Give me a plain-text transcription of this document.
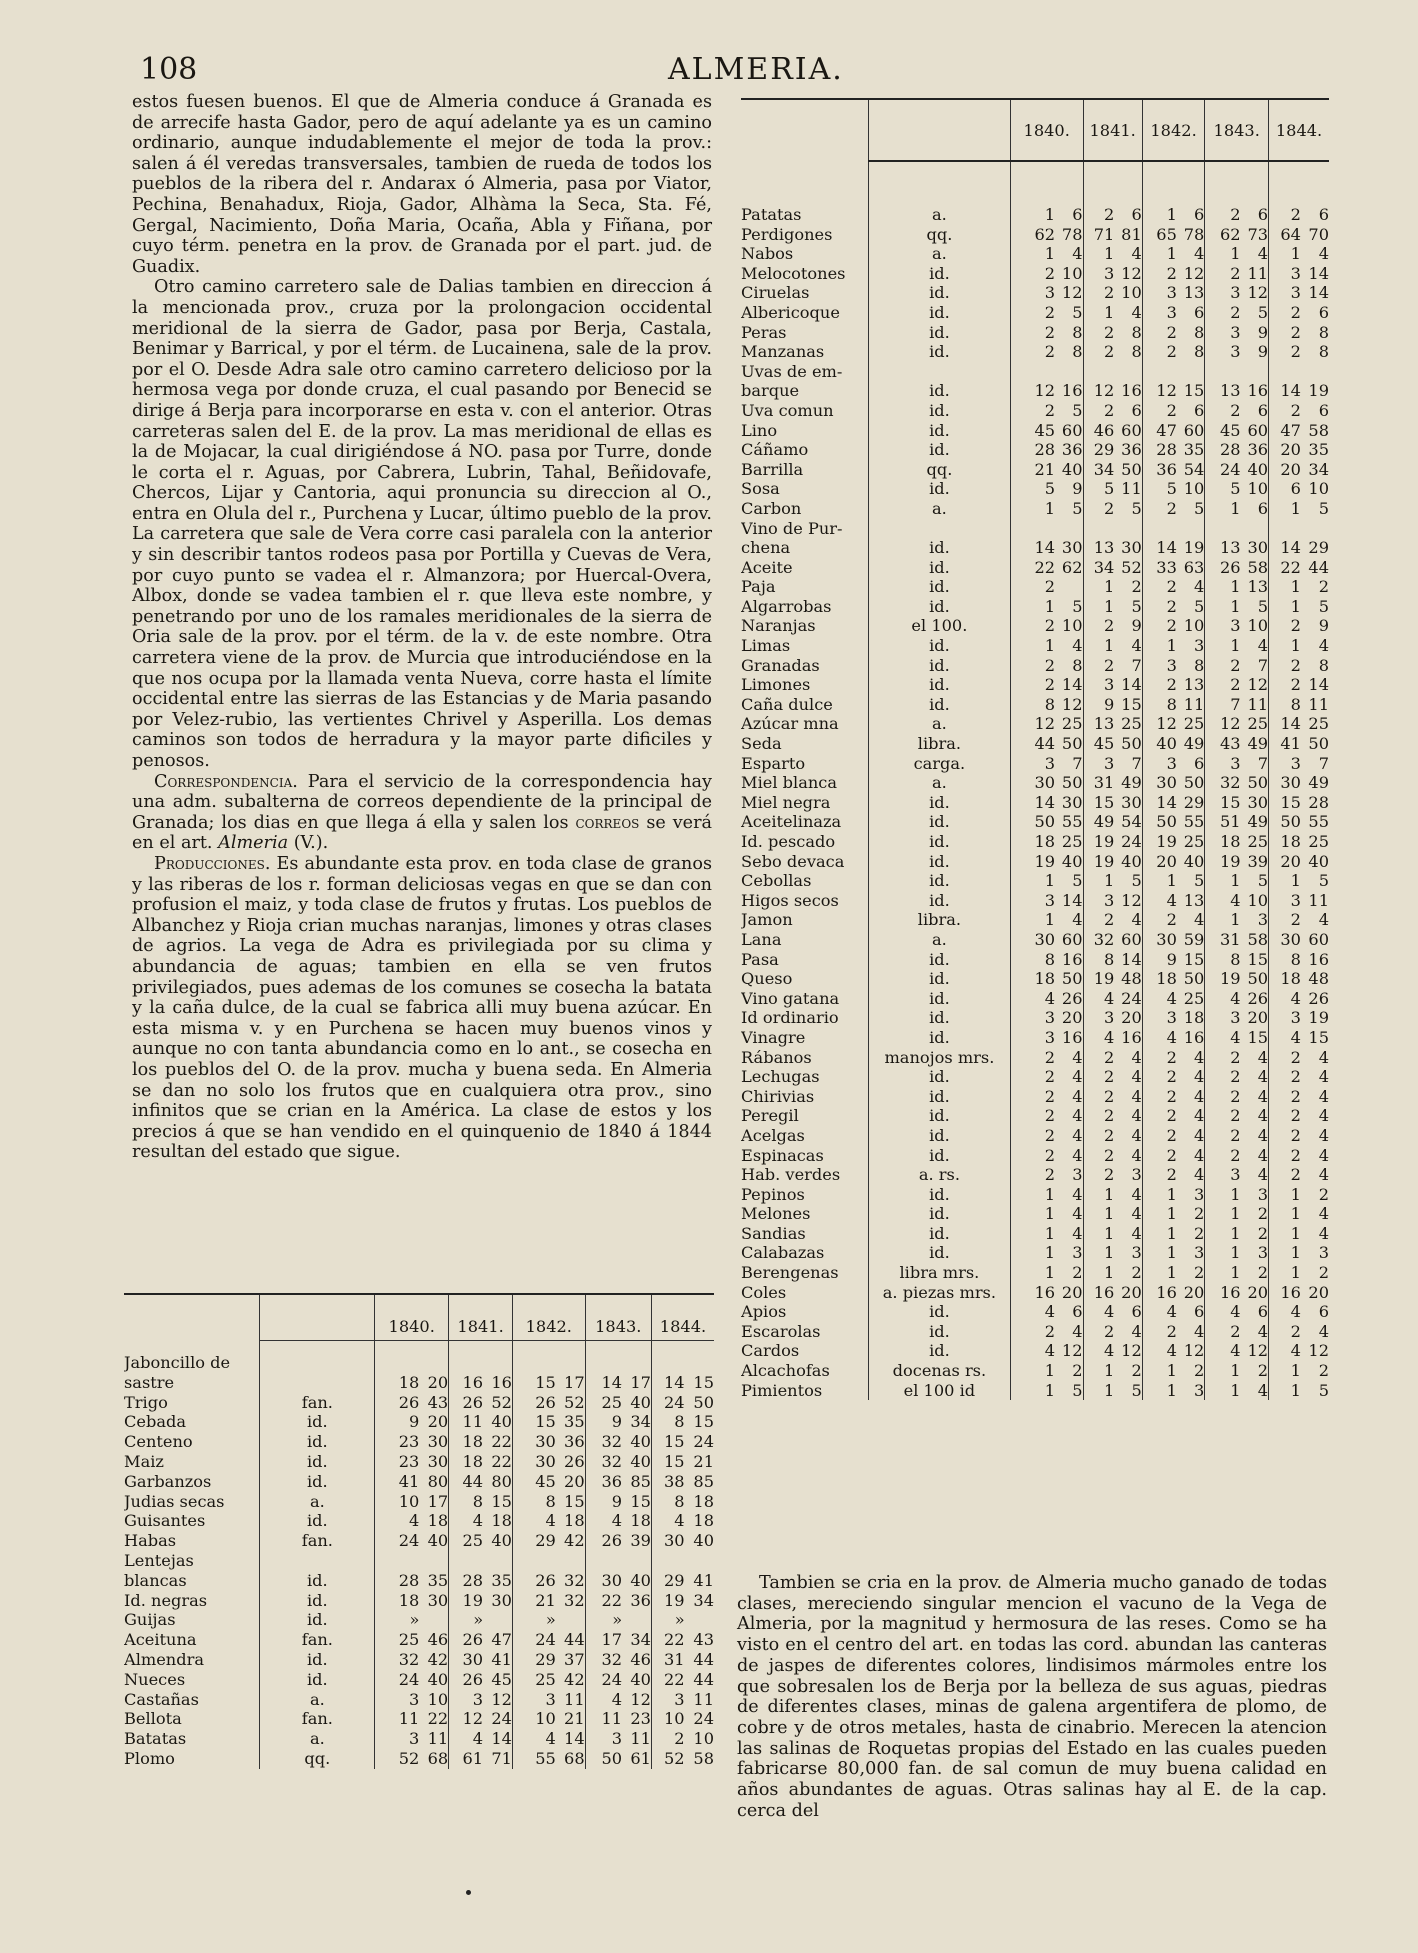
108	ALMERIA.

estos fuesen buenos. El que de Almeria conduce á Granada es de arrecife hasta Gador, pero de aquí adelante ya es un camino ordinario, aunque indudablemente el mejor de toda la prov.: salen á él veredas transversales, tambien de rueda de todos los pueblos de la ribera del r. Andarax ó Almeria, pasa por Viator, Pechina, Benahadux, Rioja, Gador, Alhàma la Seca, Sta. Fé, Gergal, Nacimiento, Doña Maria, Ocaña, Abla y Fiñana, por cuyo térm. penetra en la prov. de Granada por el part. jud. de Guadix.

Otro camino carretero sale de Dalias tambien en direccion á la mencionada prov., cruza por la prolongacion occidental meridional de la sierra de Gador, pasa por Berja, Castala, Benimar y Barrical, y por el térm. de Lucainena, sale de la prov. por el O. Desde Adra sale otro camino carretero delicioso por la hermosa vega por donde cruza, el cual pasando por Benecid se dirige á Berja para incorporarse en esta v. con el anterior. Otras carreteras salen del E. de la prov. La mas meridional de ellas es la de Mojacar, la cual dirigiéndose á NO. pasa por Turre, donde le corta el r. Aguas, por Cabrera, Lubrin, Tahal, Beñidovafe, Chercos, Lijar y Cantoria, aqui pronuncia su direccion al O., entra en Olula del r., Purchena y Lucar, último pueblo de la prov. La carretera que sale de Vera corre casi paralela con la anterior y sin describir tantos rodeos pasa por Portilla y Cuevas de Vera, por cuyo punto se vadea el r. Almanzora; por Huercal-Overa, Albox, donde se vadea tambien el r. que lleva este nombre, y penetrando por uno de los ramales meridionales de la sierra de Oria sale de la prov. por el térm. de la v. de este nombre. Otra carretera viene de la prov. de Murcia que introduciéndose en la que nos ocupa por la llamada venta Nueva, corre hasta el límite occidental entre las sierras de las Estancias y de Maria pasando por Velez-rubio, las vertientes Chrivel y Asperilla. Los demas caminos son todos de herradura y la mayor parte dificiles y penosos.

Correspondencia. Para el servicio de la correspondencia hay una adm. subalterna de correos dependiente de la principal de Granada; los dias en que llega á ella y salen los correos se verá en el art. Almeria (V.).

Producciones. Es abundante esta prov. en toda clase de granos y las riberas de los r. forman deliciosas vegas en que se dan con profusion el maiz, y toda clase de frutos y frutas. Los pueblos de Albanchez y Rioja crian muchas naranjas, limones y otras clases de agrios. La vega de Adra es privilegiada por su clima y abundancia de aguas; tambien en ella se ven frutos privilegiados, pues ademas de los comunes se cosecha la batata y la caña dulce, de la cual se fabrica alli muy buena azúcar. En esta misma v. y en Purchena se hacen muy buenos vinos y aunque no con tanta abundancia como en lo ant., se cosecha en los pueblos del O. de la prov. mucha y buena seda. En Almeria se dan no solo los frutos que en cualquiera otra prov., sino infinitos que se crian en la América. La clase de estos y los precios á que se han vendido en el quinquenio de 1840 á 1844 resultan del estado que sigue.

		1840.		1841.		1842.		1843.		1844.	

Jaboncillo de											
sastre		18	20	16	16	15	17	14	17	14	15
Trigo	fan.	26	43	26	52	26	52	25	40	24	50
Cebada	id.	9	20	11	40	15	35	9	34	8	15
Centeno	id.	23	30	18	22	30	36	32	40	15	24
Maiz	id.	23	30	18	22	30	26	32	40	15	21
Garbanzos	id.	41	80	44	80	45	20	36	85	38	85
Judias secas	a.	10	17	8	15	8	15	9	15	8	18
Guisantes	id.	4	18	4	18	4	18	4	18	4	18
Habas	fan.	24	40	25	40	29	42	26	39	30	40
Lentejas											
blancas	id.	28	35	28	35	26	32	30	40	29	41
Id. negras	id.	18	30	19	30	21	32	22	36	19	34
Guijas	id.	»		»		»		»		»	
Aceituna	fan.	25	46	26	47	24	44	17	34	22	43
Almendra	id.	32	42	30	41	29	37	32	46	31	44
Nueces	id.	24	40	26	45	25	42	24	40	22	44
Castañas	a.	3	10	3	12	3	11	4	12	3	11
Bellota	fan.	11	22	12	24	10	21	11	23	10	24
Batatas	a.	3	11	4	14	4	14	3	11	2	10
Plomo	qq.	52	68	61	71	55	68	50	61	52	58
		1840.		1841.		1842.		1843.		1844.	

Patatas	a.	1	6	2	6	1	6	2	6	2	6
Perdigones	qq.	62	78	71	81	65	78	62	73	64	70
Nabos	a.	1	4	1	4	1	4	1	4	1	4
Melocotones	id.	2	10	3	12	2	12	2	11	3	14
Ciruelas	id.	3	12	2	10	3	13	3	12	3	14
Albericoque	id.	2	5	1	4	3	6	2	5	2	6
Peras	id.	2	8	2	8	2	8	3	9	2	8
Manzanas	id.	2	8	2	8	2	8	3	9	2	8
Uvas de em-											
barque	id.	12	16	12	16	12	15	13	16	14	19
Uva comun	id.	2	5	2	6	2	6	2	6	2	6
Lino	id.	45	60	46	60	47	60	45	60	47	58
Cáñamo	id.	28	36	29	36	28	35	28	36	20	35
Barrilla	qq.	21	40	34	50	36	54	24	40	20	34
Sosa	id.	5	9	5	11	5	10	5	10	6	10
Carbon	a.	1	5	2	5	2	5	1	6	1	5
Vino de Pur-											
chena	id.	14	30	13	30	14	19	13	30	14	29
Aceite	id.	22	62	34	52	33	63	26	58	22	44
Paja	id.	2		1	2	2	4	1	13	1	2
Algarrobas	id.	1	5	1	5	2	5	1	5	1	5
Naranjas	el 100.	2	10	2	9	2	10	3	10	2	9
Limas	id.	1	4	1	4	1	3	1	4	1	4
Granadas	id.	2	8	2	7	3	8	2	7	2	8
Limones	id.	2	14	3	14	2	13	2	12	2	14
Caña dulce	id.	8	12	9	15	8	11	7	11	8	11
Azúcar mna	a.	12	25	13	25	12	25	12	25	14	25
Seda	libra.	44	50	45	50	40	49	43	49	41	50
Esparto	carga.	3	7	3	7	3	6	3	7	3	7
Miel blanca	a.	30	50	31	49	30	50	32	50	30	49
Miel negra	id.	14	30	15	30	14	29	15	30	15	28
Aceitelinaza	id.	50	55	49	54	50	55	51	49	50	55
Id. pescado	id.	18	25	19	24	19	25	18	25	18	25
Sebo devaca	id.	19	40	19	40	20	40	19	39	20	40
Cebollas	id.	1	5	1	5	1	5	1	5	1	5
Higos secos	id.	3	14	3	12	4	13	4	10	3	11
Jamon	libra.	1	4	2	4	2	4	1	3	2	4
Lana	a.	30	60	32	60	30	59	31	58	30	60
Pasa	id.	8	16	8	14	9	15	8	15	8	16
Queso	id.	18	50	19	48	18	50	19	50	18	48
Vino gatana	id.	4	26	4	24	4	25	4	26	4	26
Id ordinario	id.	3	20	3	20	3	18	3	20	3	19
Vinagre	id.	3	16	4	16	4	16	4	15	4	15
Rábanos	manojos mrs.	2	4	2	4	2	4	2	4	2	4
Lechugas	id.	2	4	2	4	2	4	2	4	2	4
Chirivias	id.	2	4	2	4	2	4	2	4	2	4
Peregil	id.	2	4	2	4	2	4	2	4	2	4
Acelgas	id.	2	4	2	4	2	4	2	4	2	4
Espinacas	id.	2	4	2	4	2	4	2	4	2	4
Hab. verdes	a. rs.	2	3	2	3	2	4	3	4	2	4
Pepinos	id.	1	4	1	4	1	3	1	3	1	2
Melones	id.	1	4	1	4	1	2	1	2	1	4
Sandias	id.	1	4	1	4	1	2	1	2	1	4
Calabazas	id.	1	3	1	3	1	3	1	3	1	3
Berengenas	libra mrs.	1	2	1	2	1	2	1	2	1	2
Coles	a. piezas mrs.	16	20	16	20	16	20	16	20	16	20
Apios	id.	4	6	4	6	4	6	4	6	4	6
Escarolas	id.	2	4	2	4	2	4	2	4	2	4
Cardos	id.	4	12	4	12	4	12	4	12	4	12
Alcachofas	docenas rs.	1	2	1	2	1	2	1	2	1	2
Pimientos	el 100 id	1	5	1	5	1	3	1	4	1	5

Tambien se cria en la prov. de Almeria mucho ganado de todas clases, mereciendo singular mencion el vacuno de la Vega de Almeria, por la magnitud y hermosura de las reses. Como se ha visto en el centro del art. en todas las cord. abundan las canteras de jaspes de diferentes colores, lindisimos mármoles entre los que sobresalen los de Berja por la belleza de sus aguas, piedras de diferentes clases, minas de galena argentifera de plomo, de cobre y de otros metales, hasta de cinabrio. Merecen la atencion las salinas de Roquetas propias del Estado en las cuales pueden fabricarse 80,000 fan. de sal comun de muy buena calidad en años abundantes de aguas. Otras salinas hay al E. de la cap. cerca del
